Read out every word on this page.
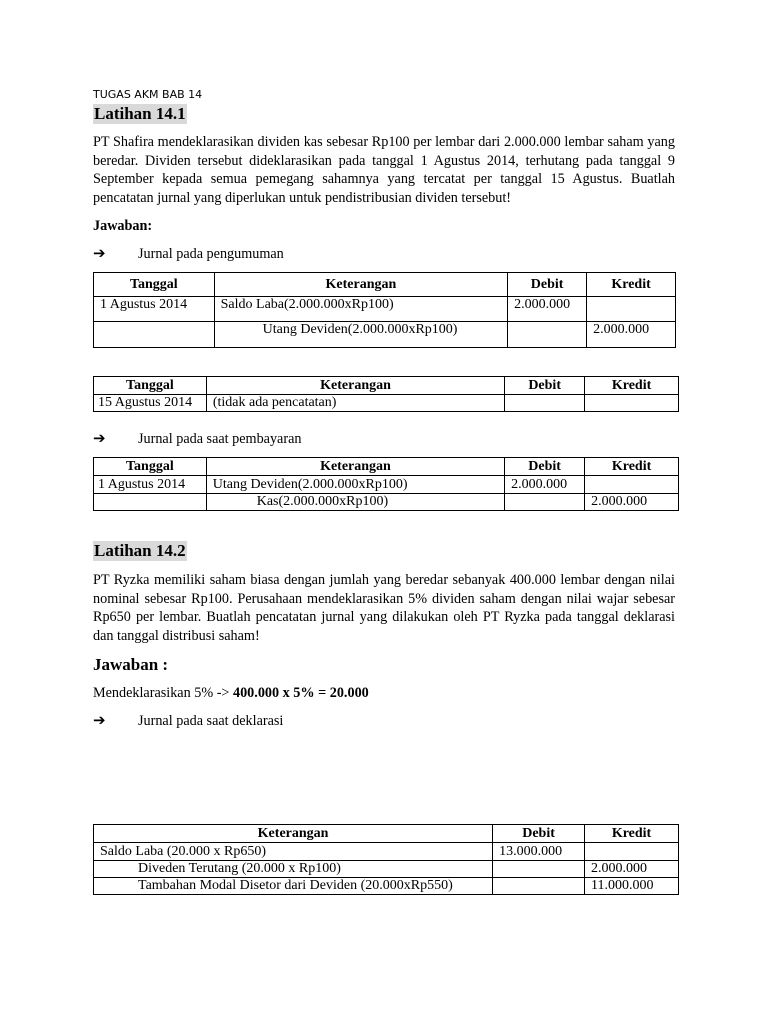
TUGAS AKM BAB 14
Latihan 14.1
PT Shafira mendeklarasikan dividen kas sebesar Rp100 per lembar dari 2.000.000 lembar saham yang beredar. Dividen tersebut dideklarasikan pada tanggal 1 Agustus 2014, terhutang pada tanggal 9 September kepada semua pemegang sahamnya yang tercatat per tanggal 15 Agustus. Buatlah pencatatan jurnal yang diperlukan untuk pendistribusian dividen tersebut!
Jawaban:
➔ Jurnal pada pengumuman
Tanggal	Keterangan	Debit	Kredit
1 Agustus 2014	Saldo Laba(2.000.000xRp100)	2.000.000	
	Utang Deviden(2.000.000xRp100)		2.000.000
Tanggal	Keterangan	Debit	Kredit
15 Agustus 2014	(tidak ada pencatatan)		
➔ Jurnal pada saat pembayaran
Tanggal	Keterangan	Debit	Kredit
1 Agustus 2014	Utang Deviden(2.000.000xRp100)	2.000.000	
	Kas(2.000.000xRp100)		2.000.000
Latihan 14.2
PT Ryzka memiliki saham biasa dengan jumlah yang beredar sebanyak 400.000 lembar dengan nilai nominal sebesar Rp100. Perusahaan mendeklarasikan 5% dividen saham dengan nilai wajar sebesar Rp650 per lembar. Buatlah pencatatan jurnal yang dilakukan oleh PT Ryzka pada tanggal deklarasi dan tanggal distribusi saham!
Jawaban :
Mendeklarasikan 5% -> 400.000 x 5% = 20.000
➔ Jurnal pada saat deklarasi
Keterangan	Debit	Kredit
Saldo Laba (20.000 x Rp650)	13.000.000	
Diveden Terutang (20.000 x Rp100)		2.000.000
Tambahan Modal Disetor dari Deviden (20.000xRp550)		11.000.000
